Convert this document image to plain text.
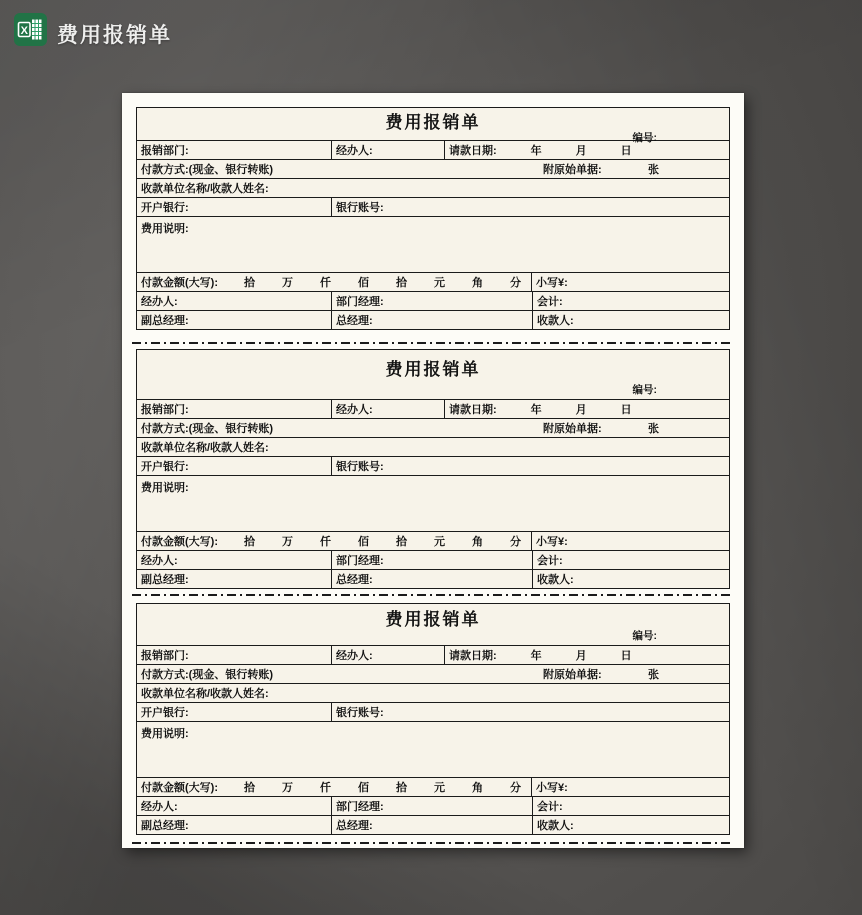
X 费用报销单
费用报销单
编号:
报销部门:	经办人:	请款日期:	年	月	日
付款方式:(现金、银行转账)	附原始单据:	张
收款单位名称/收款人姓名:
开户银行:	银行账号:
费用说明:
付款金额(大写): 拾 万 仟 佰 拾 元 角 分	小写¥:
经办人:	部门经理:	会计:
副总经理:	总经理:	收款人:
费用报销单
编号:
报销部门:	经办人:	请款日期:	年	月	日
付款方式:(现金、银行转账)	附原始单据:	张
收款单位名称/收款人姓名:
开户银行:	银行账号:
费用说明:
付款金额(大写): 拾 万 仟 佰 拾 元 角 分	小写¥:
经办人:	部门经理:	会计:
副总经理:	总经理:	收款人:
费用报销单
编号:
报销部门:	经办人:	请款日期:	年	月	日
付款方式:(现金、银行转账)	附原始单据:	张
收款单位名称/收款人姓名:
开户银行:	银行账号:
费用说明:
付款金额(大写): 拾 万 仟 佰 拾 元 角 分	小写¥:
经办人:	部门经理:	会计:
副总经理:	总经理:	收款人:
